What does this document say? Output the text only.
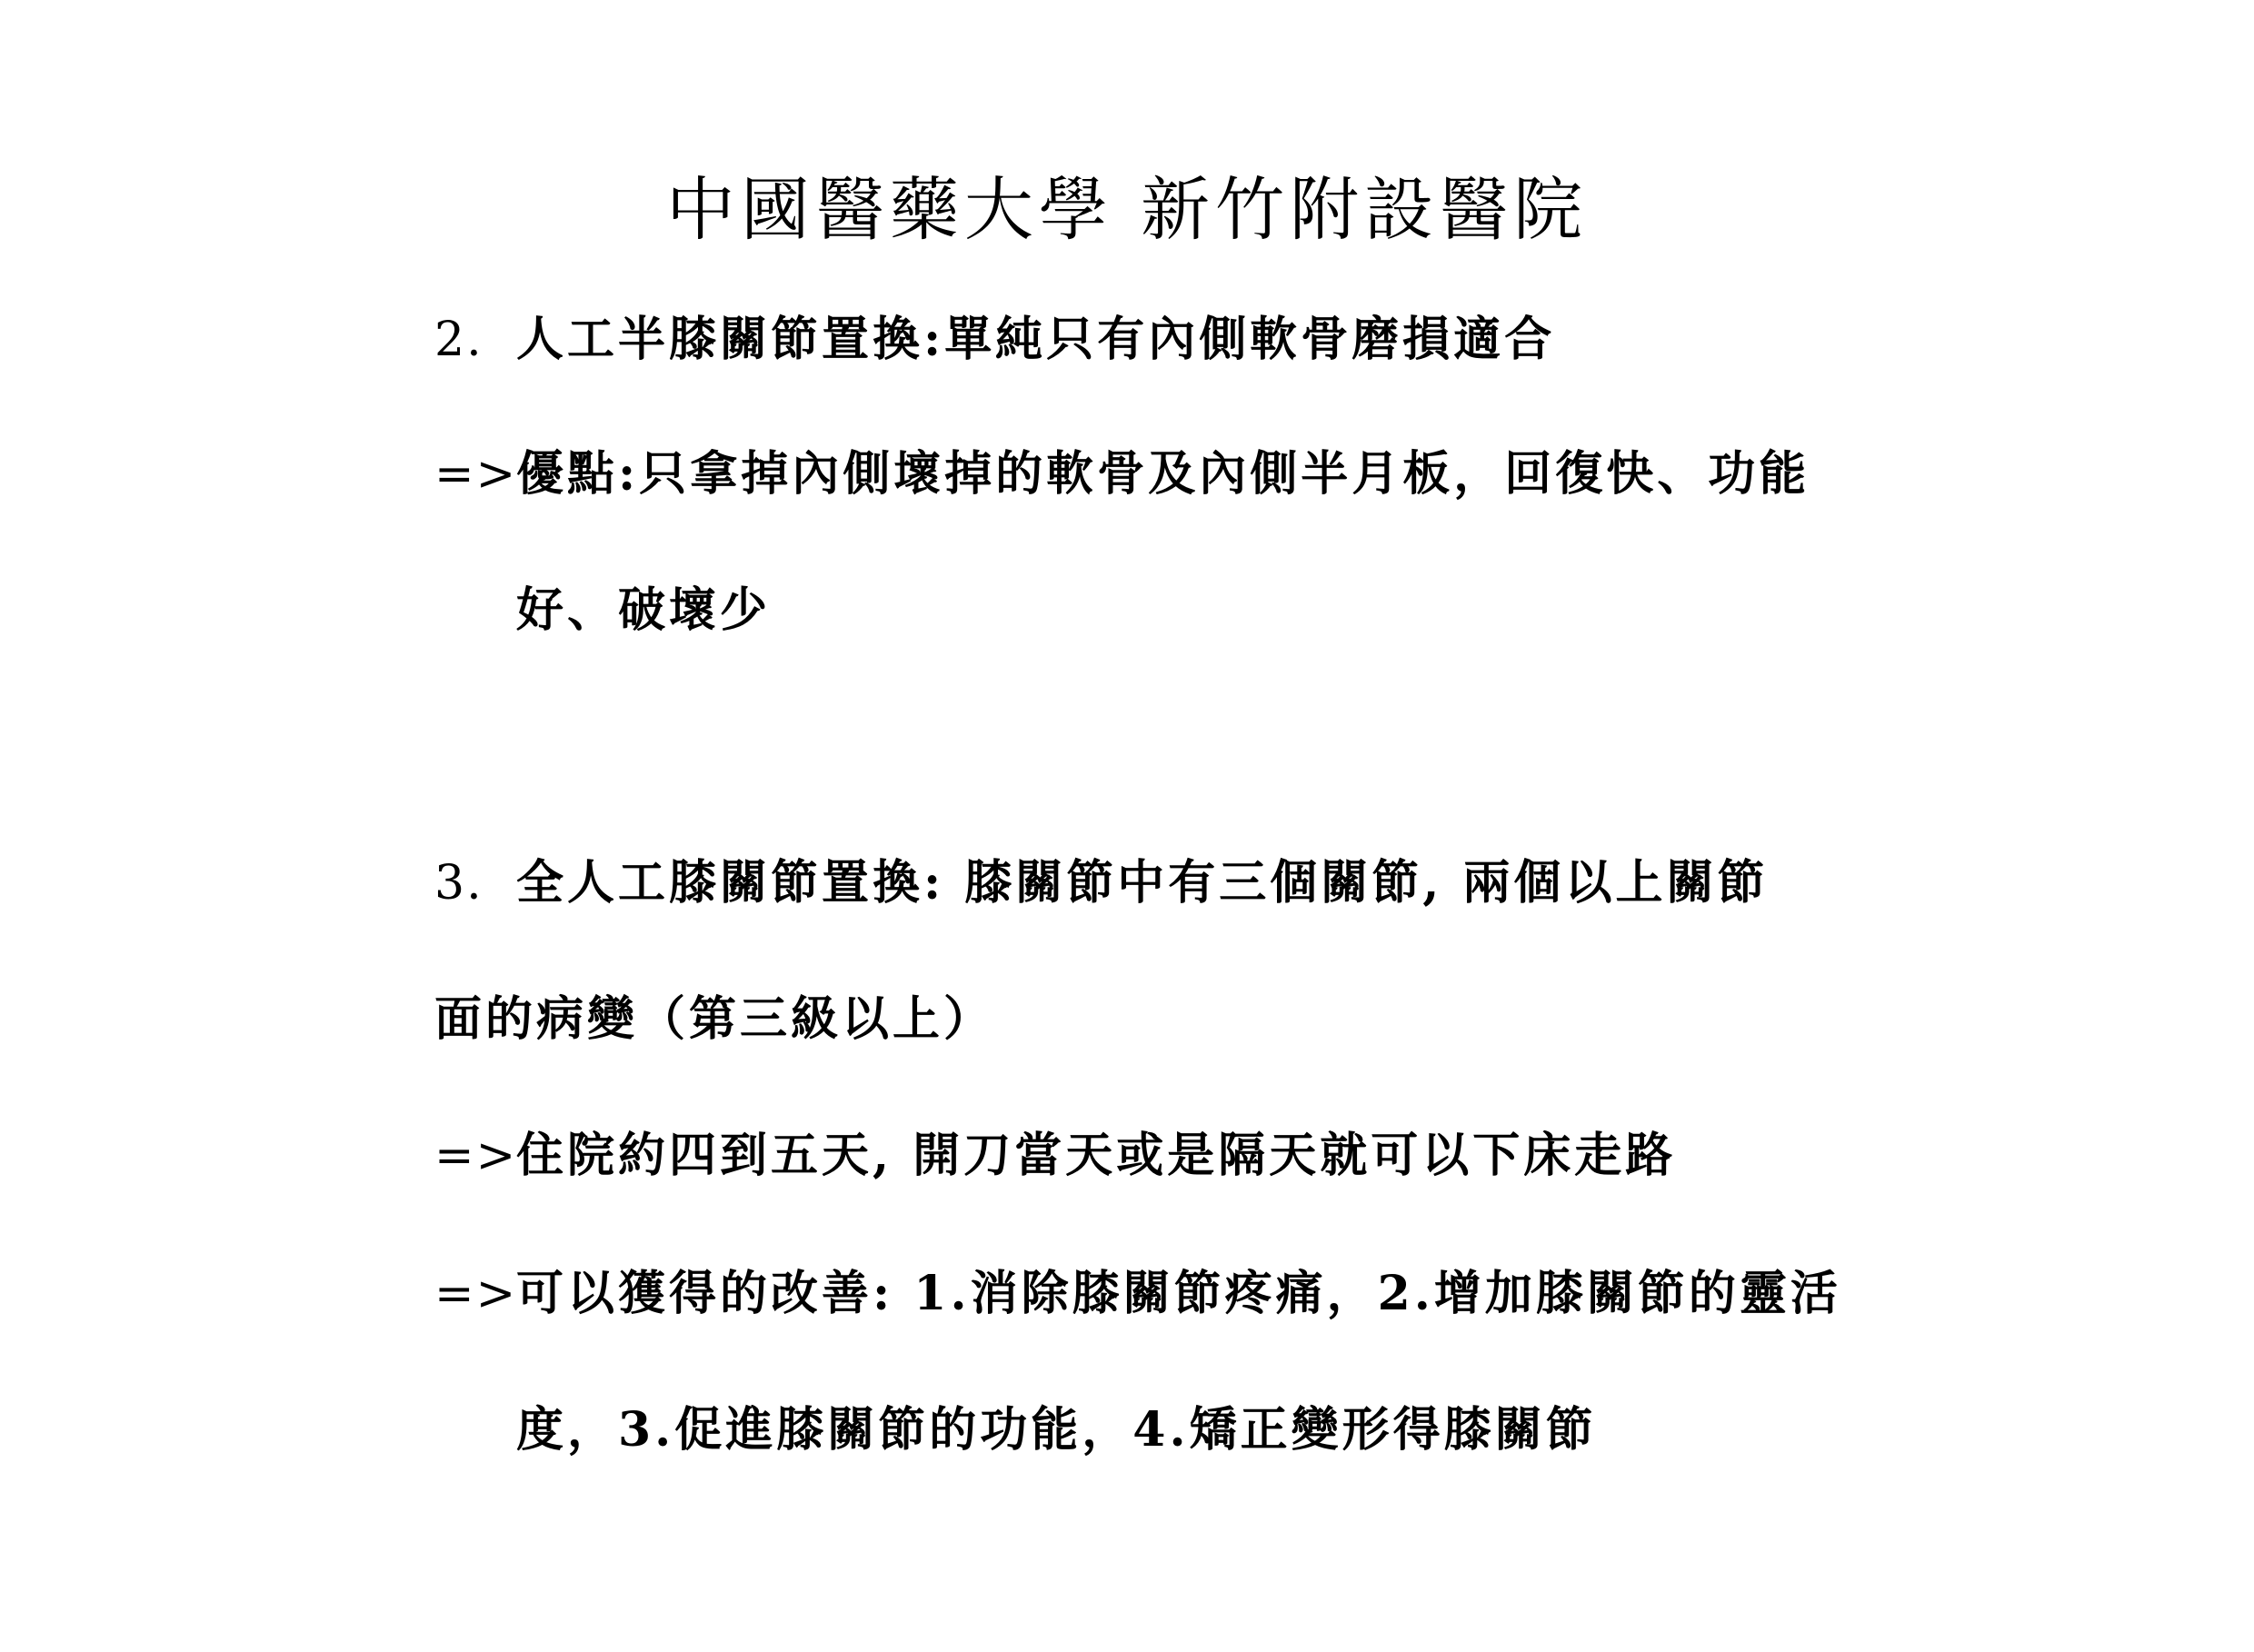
中國醫藥大學 新竹附設醫院
2. 人工半膝關節置換:單純只有內側軟骨磨損適合
=>優點:只拿掉內側壞掉的軟骨及內側半月板，回復快、功能
好、破壞少
3. 全人工膝關節置換: 膝關節中有三個關節, 兩個以上關節
面的病變（第三級以上）
=>住院約四到五天, 開刀當天或是隔天就可以下床走路
=>可以獲得的改善: 1.消除膝關節疼痛，2.增加膝關節的靈活
度，3.促進膝關節的功能，4.矯正變形得膝關節
